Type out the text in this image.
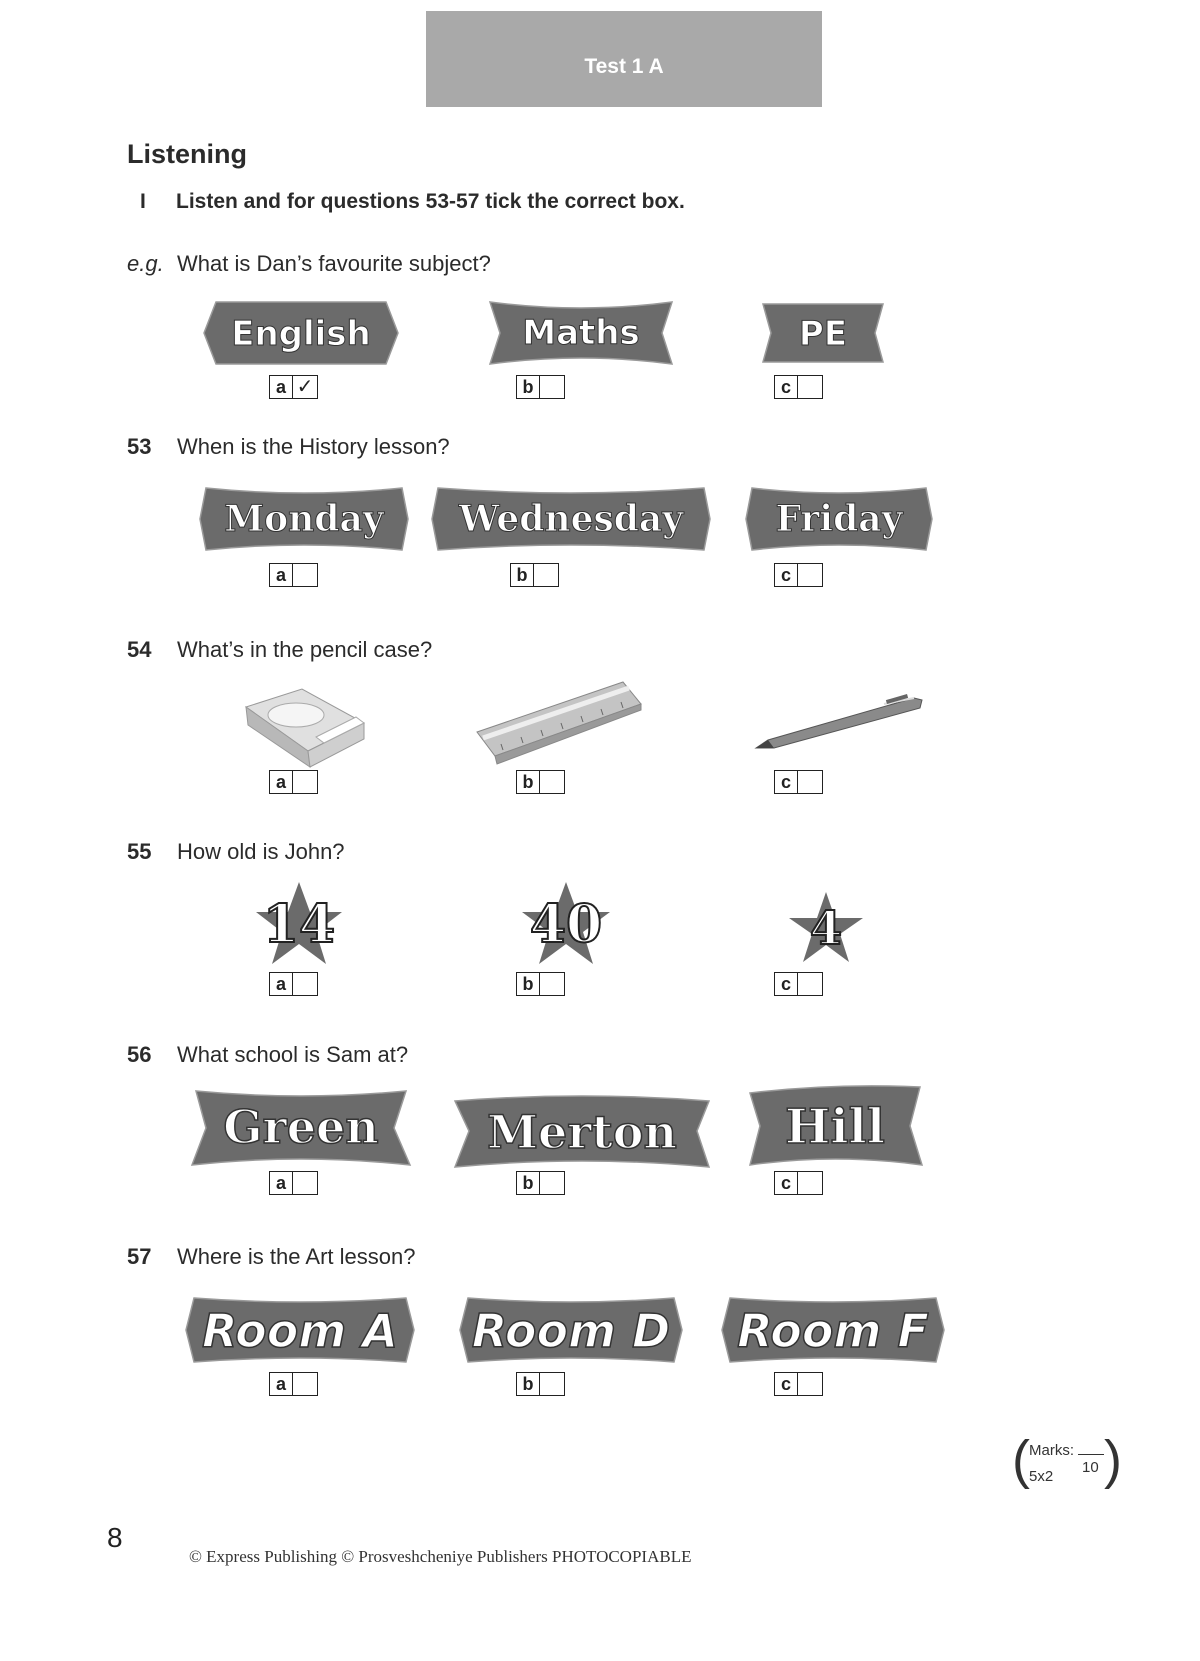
Test 1 A
Listening
I Listen and for questions 53-57 tick the correct box.
e.g. What is Dan’s favourite subject?
English
a ✓
Maths
b
PE
c
53 When is the History lesson?
Monday
a
Wednesday
b
Friday
c
54 What’s in the pencil case?
a	b	c
55 How old is John?
14
a
40
b
4
c
56 What school is Sam at?
Green
a
Merton
b
Hill
c
57 Where is the Art lesson?
Room A
a
Room D
b
Room F
c
( Marks:
10
5x2 )
8
© Express Publishing © Prosveshcheniye Publishers PHOTOCOPIABLE
